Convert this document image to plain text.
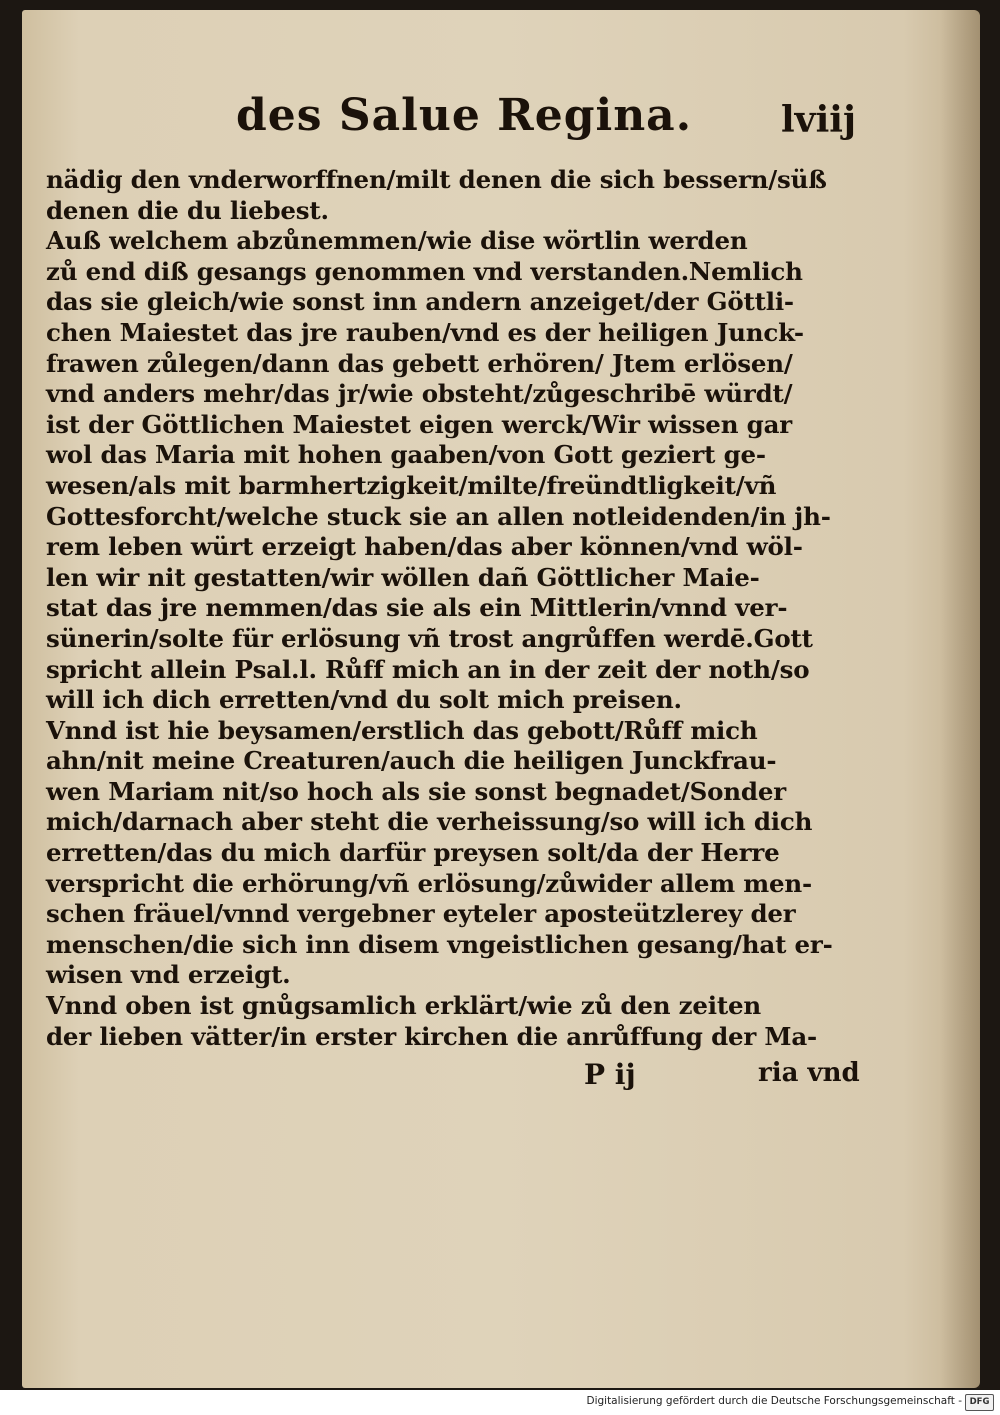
des Salue Regina. lviij
nädig den vnderworffnen/milt denen die sich bessern/süß
denen die du liebest.
Auß welchem abzůnemmen/wie dise wörtlin werden
zů end diß gesangs genommen vnd verstanden.Nemlich
das sie gleich/wie sonst inn andern anzeiget/der Göttli-
chen Maiestet das jre rauben/vnd es der heiligen Junck-
frawen zůlegen/dann das gebett erhören/ Jtem erlösen/
vnd anders mehr/das jr/wie obsteht/zůgeschribē würdt/
ist der Göttlichen Maiestet eigen werck/Wir wissen gar
wol das Maria mit hohen gaaben/von Gott geziert ge-
wesen/als mit barmhertzigkeit/milte/freündtligkeit/vñ
Gottesforcht/welche stuck sie an allen notleidenden/in jh-
rem leben würt erzeigt haben/das aber können/vnd wöl-
len wir nit gestatten/wir wöllen dañ Göttlicher Maie-
stat das jre nemmen/das sie als ein Mittlerin/vnnd ver-
sünerin/solte für erlösung vñ trost angrůffen werdē.Gott
spricht allein Psal.l. Růff mich an in der zeit der noth/so
will ich dich erretten/vnd du solt mich preisen.
Vnnd ist hie beysamen/erstlich das gebott/Růff mich
ahn/nit meine Creaturen/auch die heiligen Junckfrau-
wen Mariam nit/so hoch als sie sonst begnadet/Sonder
mich/darnach aber steht die verheissung/so will ich dich
erretten/das du mich darfür preysen solt/da der Herre
verspricht die erhörung/vñ erlösung/zůwider allem men-
schen fräuel/vnnd vergebner eyteler aposteützlerey der
menschen/die sich inn disem vngeistlichen gesang/hat er-
wisen vnd erzeigt.
Vnnd oben ist gnůgsamlich erklärt/wie zů den zeiten
der lieben vätter/in erster kirchen die anrůffung der Ma-
P ij	ria vnd
Digitalisierung gefördert durch die Deutsche Forschungsgemeinschaft - DFG
